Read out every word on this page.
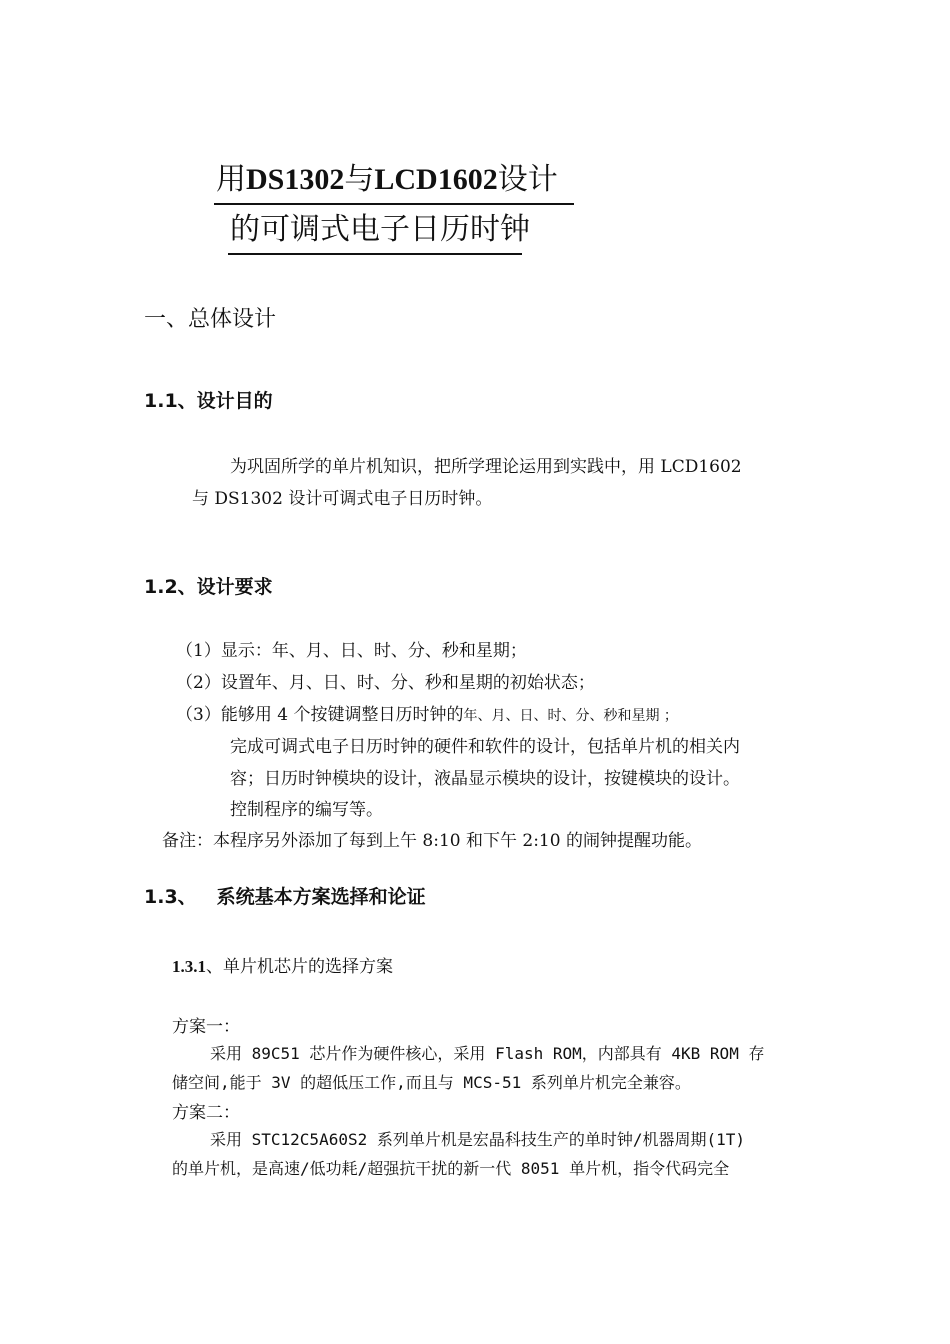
用DS1302与LCD1602设计
的可调式电子日历时钟
一、总体设计
1.1、设计目的
为巩固所学的单片机知识，把所学理论运用到实践中，用 LCD1602
与 DS1302 设计可调式电子日历时钟。
1.2、设计要求
（1）显示：年、月、日、时、分、秒和星期；
（2）设置年、月、日、时、分、秒和星期的初始状态；
（3）能够用 4 个按键调整日历时钟的年、月、日、时、分、秒和星期 ；
完成可调式电子日历时钟的硬件和软件的设计，包括单片机的相关内
容；日历时钟模块的设计，液晶显示模块的设计，按键模块的设计。
控制程序的编写等。
备注：本程序另外添加了每到上午 8:10 和下午 2:10 的闹钟提醒功能。
1.3、 系统基本方案选择和论证
1.3.1、单片机芯片的选择方案
方案一：
采用 89C51 芯片作为硬件核心，采用 Flash ROM，内部具有 4KB ROM 存
储空间,能于 3V 的超低压工作,而且与 MCS-51 系列单片机完全兼容。
方案二：
采用 STC12C5A60S2 系列单片机是宏晶科技生产的单时钟/机器周期(1T)
的单片机，是高速/低功耗/超强抗干扰的新一代 8051 单片机，指令代码完全
